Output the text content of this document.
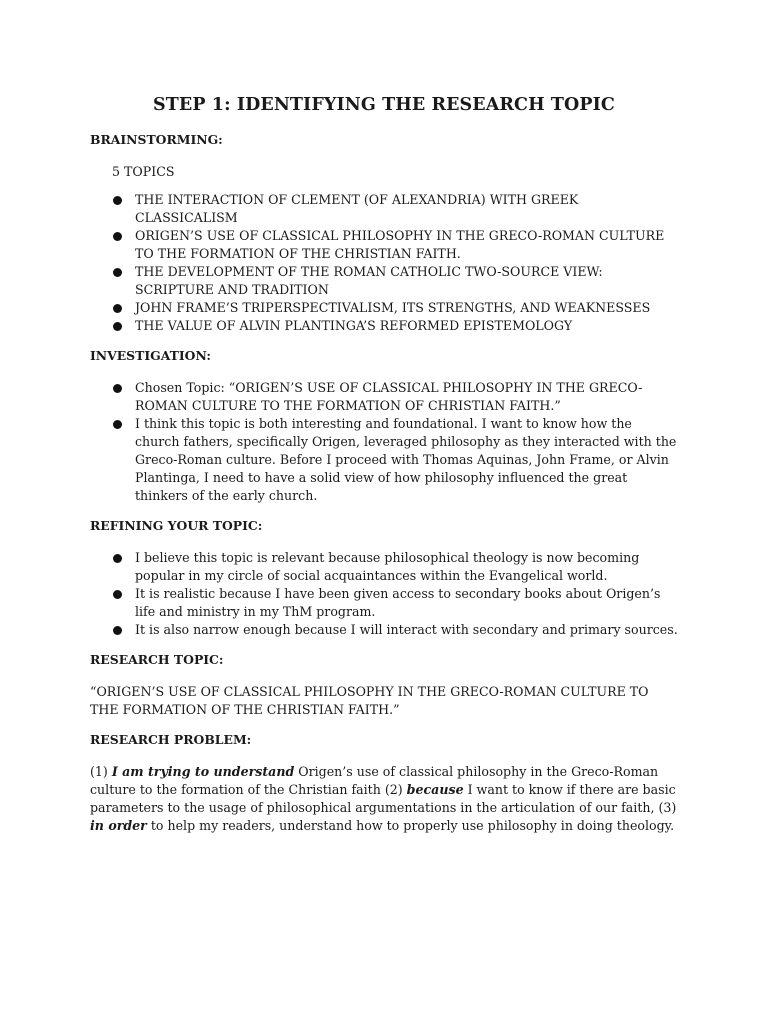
STEP 1: IDENTIFYING THE RESEARCH TOPIC
BRAINSTORMING:
5 TOPICS
THE INTERACTION OF CLEMENT (OF ALEXANDRIA) WITH GREEK CLASSICALISM
ORIGEN’S USE OF CLASSICAL PHILOSOPHY IN THE GRECO-ROMAN CULTURE TO THE FORMATION OF THE CHRISTIAN FAITH.
THE DEVELOPMENT OF THE ROMAN CATHOLIC TWO-SOURCE VIEW: SCRIPTURE AND TRADITION
JOHN FRAME’S TRIPERSPECTIVALISM, ITS STRENGTHS, AND WEAKNESSES
THE VALUE OF ALVIN PLANTINGA’S REFORMED EPISTEMOLOGY
INVESTIGATION:
Chosen Topic: “ORIGEN’S USE OF CLASSICAL PHILOSOPHY IN THE GRECO-ROMAN CULTURE TO THE FORMATION OF CHRISTIAN FAITH.”
I think this topic is both interesting and foundational. I want to know how the church fathers, specifically Origen, leveraged philosophy as they interacted with the Greco-Roman culture. Before I proceed with Thomas Aquinas, John Frame, or Alvin Plantinga, I need to have a solid view of how philosophy influenced the great thinkers of the early church.
REFINING YOUR TOPIC:
I believe this topic is relevant because philosophical theology is now becoming popular in my circle of social acquaintances within the Evangelical world.
It is realistic because I have been given access to secondary books about Origen’s life and ministry in my ThM program.
It is also narrow enough because I will interact with secondary and primary sources.
RESEARCH TOPIC:
“ORIGEN’S USE OF CLASSICAL PHILOSOPHY IN THE GRECO-ROMAN CULTURE TO THE FORMATION OF THE CHRISTIAN FAITH.”
RESEARCH PROBLEM:
(1) I am trying to understand Origen’s use of classical philosophy in the Greco-Roman culture to the formation of the Christian faith (2) because I want to know if there are basic parameters to the usage of philosophical argumentations in the articulation of our faith, (3) in order to help my readers, understand how to properly use philosophy in doing theology.
